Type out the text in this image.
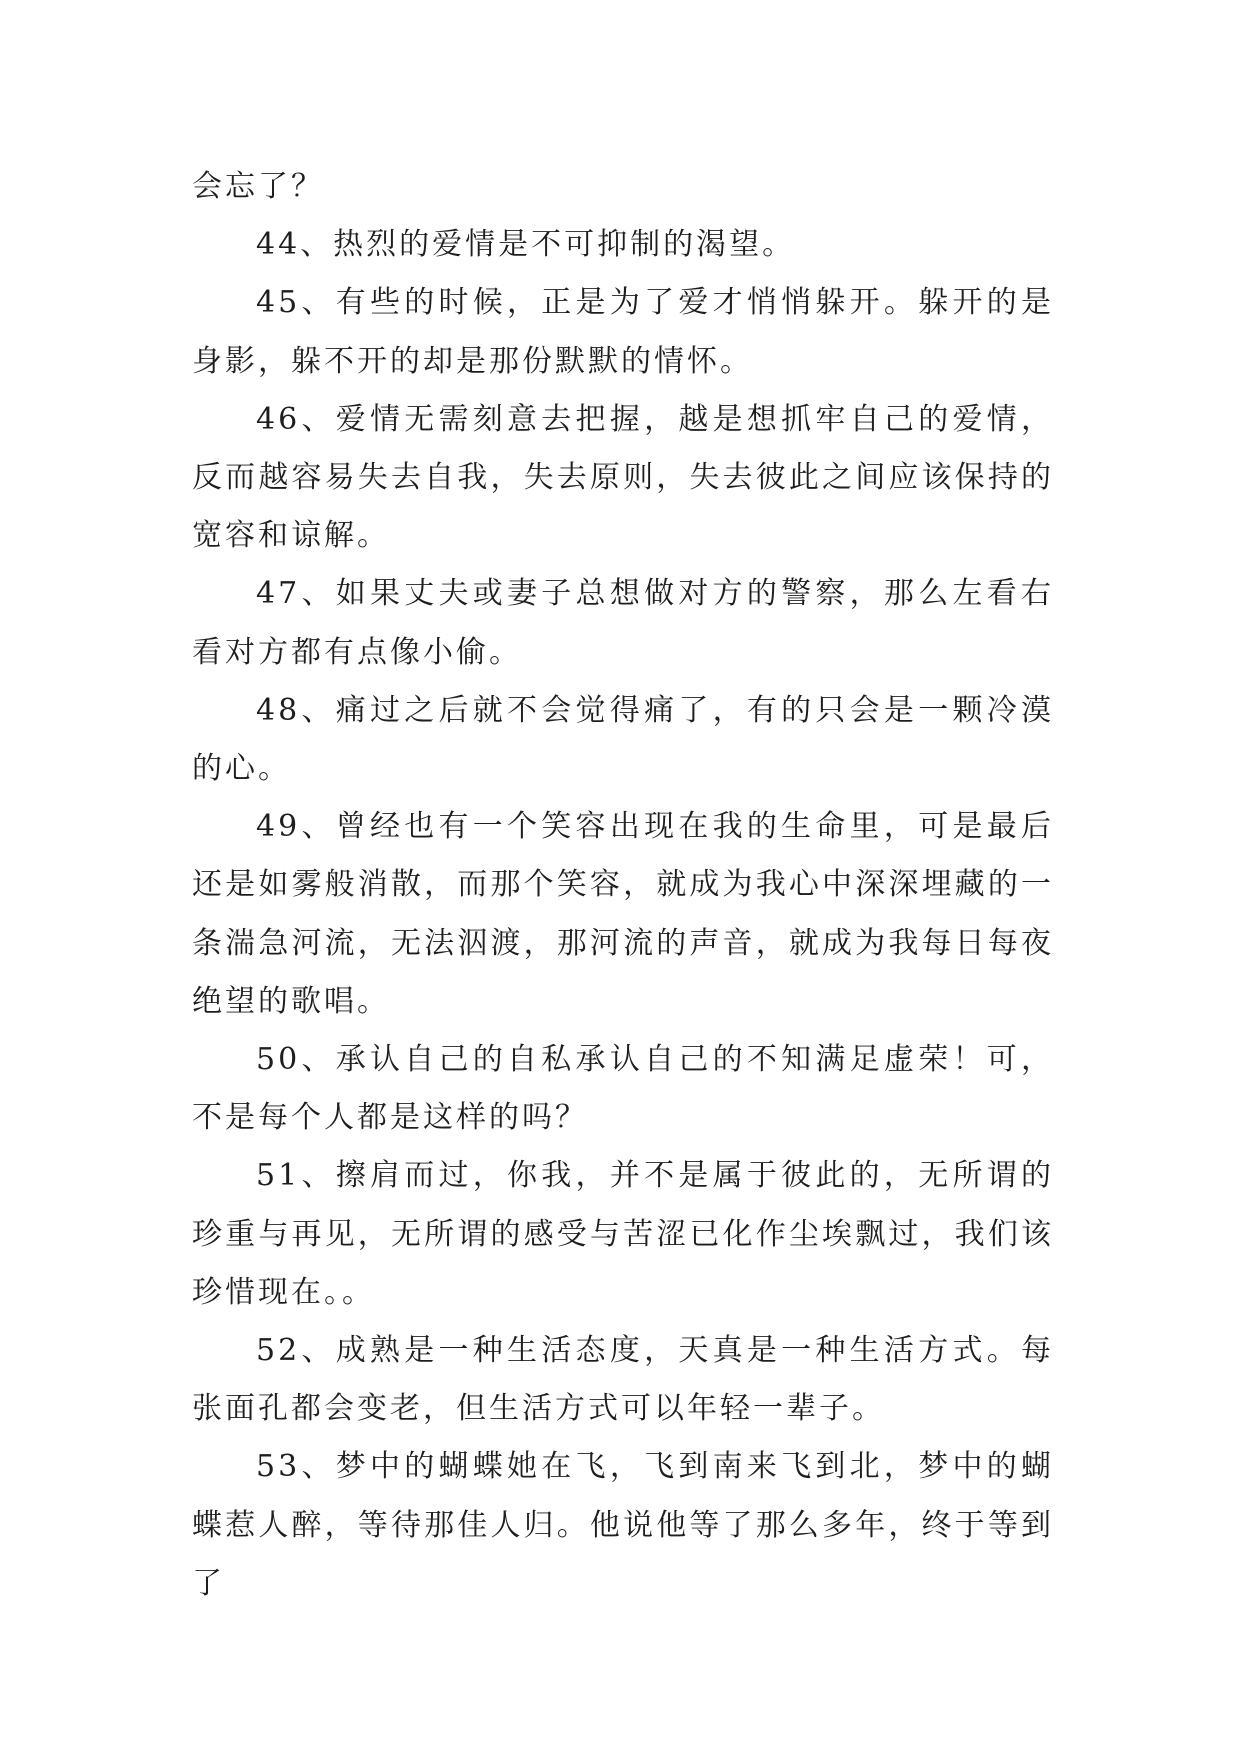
会忘了？

44、热烈的爱情是不可抑制的渴望。

45、有些的时候，正是为了爱才悄悄躲开。躲开的是身影，躲不开的却是那份默默的情怀。

46、爱情无需刻意去把握，越是想抓牢自己的爱情，反而越容易失去自我，失去原则，失去彼此之间应该保持的宽容和谅解。

47、如果丈夫或妻子总想做对方的警察，那么左看右看对方都有点像小偷。

48、痛过之后就不会觉得痛了，有的只会是一颗冷漠的心。

49、曾经也有一个笑容出现在我的生命里，可是最后还是如雾般消散，而那个笑容，就成为我心中深深埋藏的一条湍急河流，无法泅渡，那河流的声音，就成为我每日每夜绝望的歌唱。

50、承认自己的自私承认自己的不知满足虚荣！可，不是每个人都是这样的吗？

51、擦肩而过，你我，并不是属于彼此的，无所谓的珍重与再见，无所谓的感受与苦涩已化作尘埃飘过，我们该珍惜现在。。

52、成熟是一种生活态度，天真是一种生活方式。每张面孔都会变老，但生活方式可以年轻一辈子。

53、梦中的蝴蝶她在飞，飞到南来飞到北，梦中的蝴蝶惹人醉，等待那佳人归。他说他等了那么多年，终于等到了
